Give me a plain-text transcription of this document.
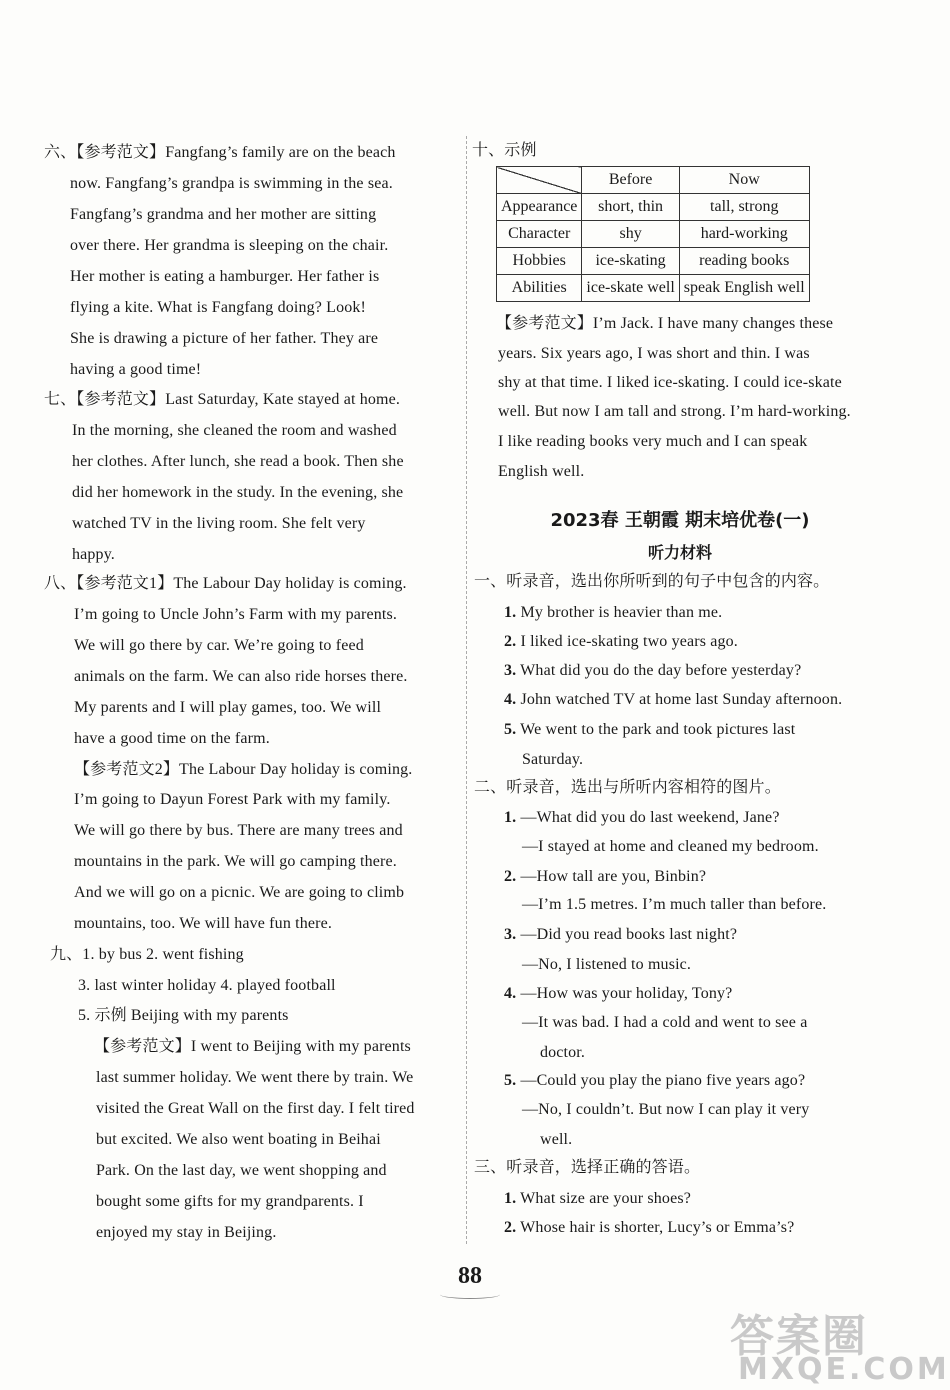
六、【参考范文】Fangfang’s family are on the beach
now. Fangfang’s grandpa is swimming in the sea.
Fangfang’s grandma and her mother are sitting
over there. Her grandma is sleeping on the chair.
Her mother is eating a hamburger. Her father is
flying a kite. What is Fangfang doing? Look!
She is drawing a picture of her father. They are
having a good time!
七、【参考范文】Last Saturday, Kate stayed at home.
In the morning, she cleaned the room and washed
her clothes. After lunch, she read a book. Then she
did her homework in the study. In the evening, she
watched TV in the living room. She felt very
happy.
八、【参考范文1】The Labour Day holiday is coming.
I’m going to Uncle John’s Farm with my parents.
We will go there by car. We’re going to feed
animals on the farm. We can also ride horses there.
My parents and I will play games, too. We will
have a good time on the farm.
【参考范文2】The Labour Day holiday is coming.
I’m going to Dayun Forest Park with my family.
We will go there by bus. There are many trees and
mountains in the park. We will go camping there.
And we will go on a picnic. We are going to climb
mountains, too. We will have fun there.
九、1. by bus 2. went fishing
3. last winter holiday 4. played football
5. 示例 Beijing with my parents
【参考范文】I went to Beijing with my parents
last summer holiday. We went there by train. We
visited the Great Wall on the first day. I felt tired
but excited. We also went boating in Beihai
Park. On the last day, we went shopping and
bought some gifts for my grandparents. I
enjoyed my stay in Beijing.
十、示例
	Before	Now
Appearance	short, thin	tall, strong
Character	shy	hard-working
Hobbies	ice-skating	reading books
Abilities	ice-skate well	speak English well
【参考范文】I’m Jack. I have many changes these
years. Six years ago, I was short and thin. I was
shy at that time. I liked ice-skating. I could ice-skate
well. But now I am tall and strong. I’m hard-working.
I like reading books very much and I can speak
English well.
2023春 王朝霞 期末培优卷(一)
听力材料
一、听录音，选出你所听到的句子中包含的内容。
1. My brother is heavier than me.
2. I liked ice-skating two years ago.
3. What did you do the day before yesterday?
4. John watched TV at home last Sunday afternoon.
5. We went to the park and took pictures last
Saturday.
二、听录音，选出与所听内容相符的图片。
1. —What did you do last weekend, Jane?
—I stayed at home and cleaned my bedroom.
2. —How tall are you, Binbin?
—I’m 1.5 metres. I’m much taller than before.
3. —Did you read books last night?
—No, I listened to music.
4. —How was your holiday, Tony?
—It was bad. I had a cold and went to see a
doctor.
5. —Could you play the piano five years ago?
—No, I couldn’t. But now I can play it very
well.
三、听录音，选择正确的答语。
1. What size are your shoes?
2. Whose hair is shorter, Lucy’s or Emma’s?
88
答案圈
MXQE.COM
